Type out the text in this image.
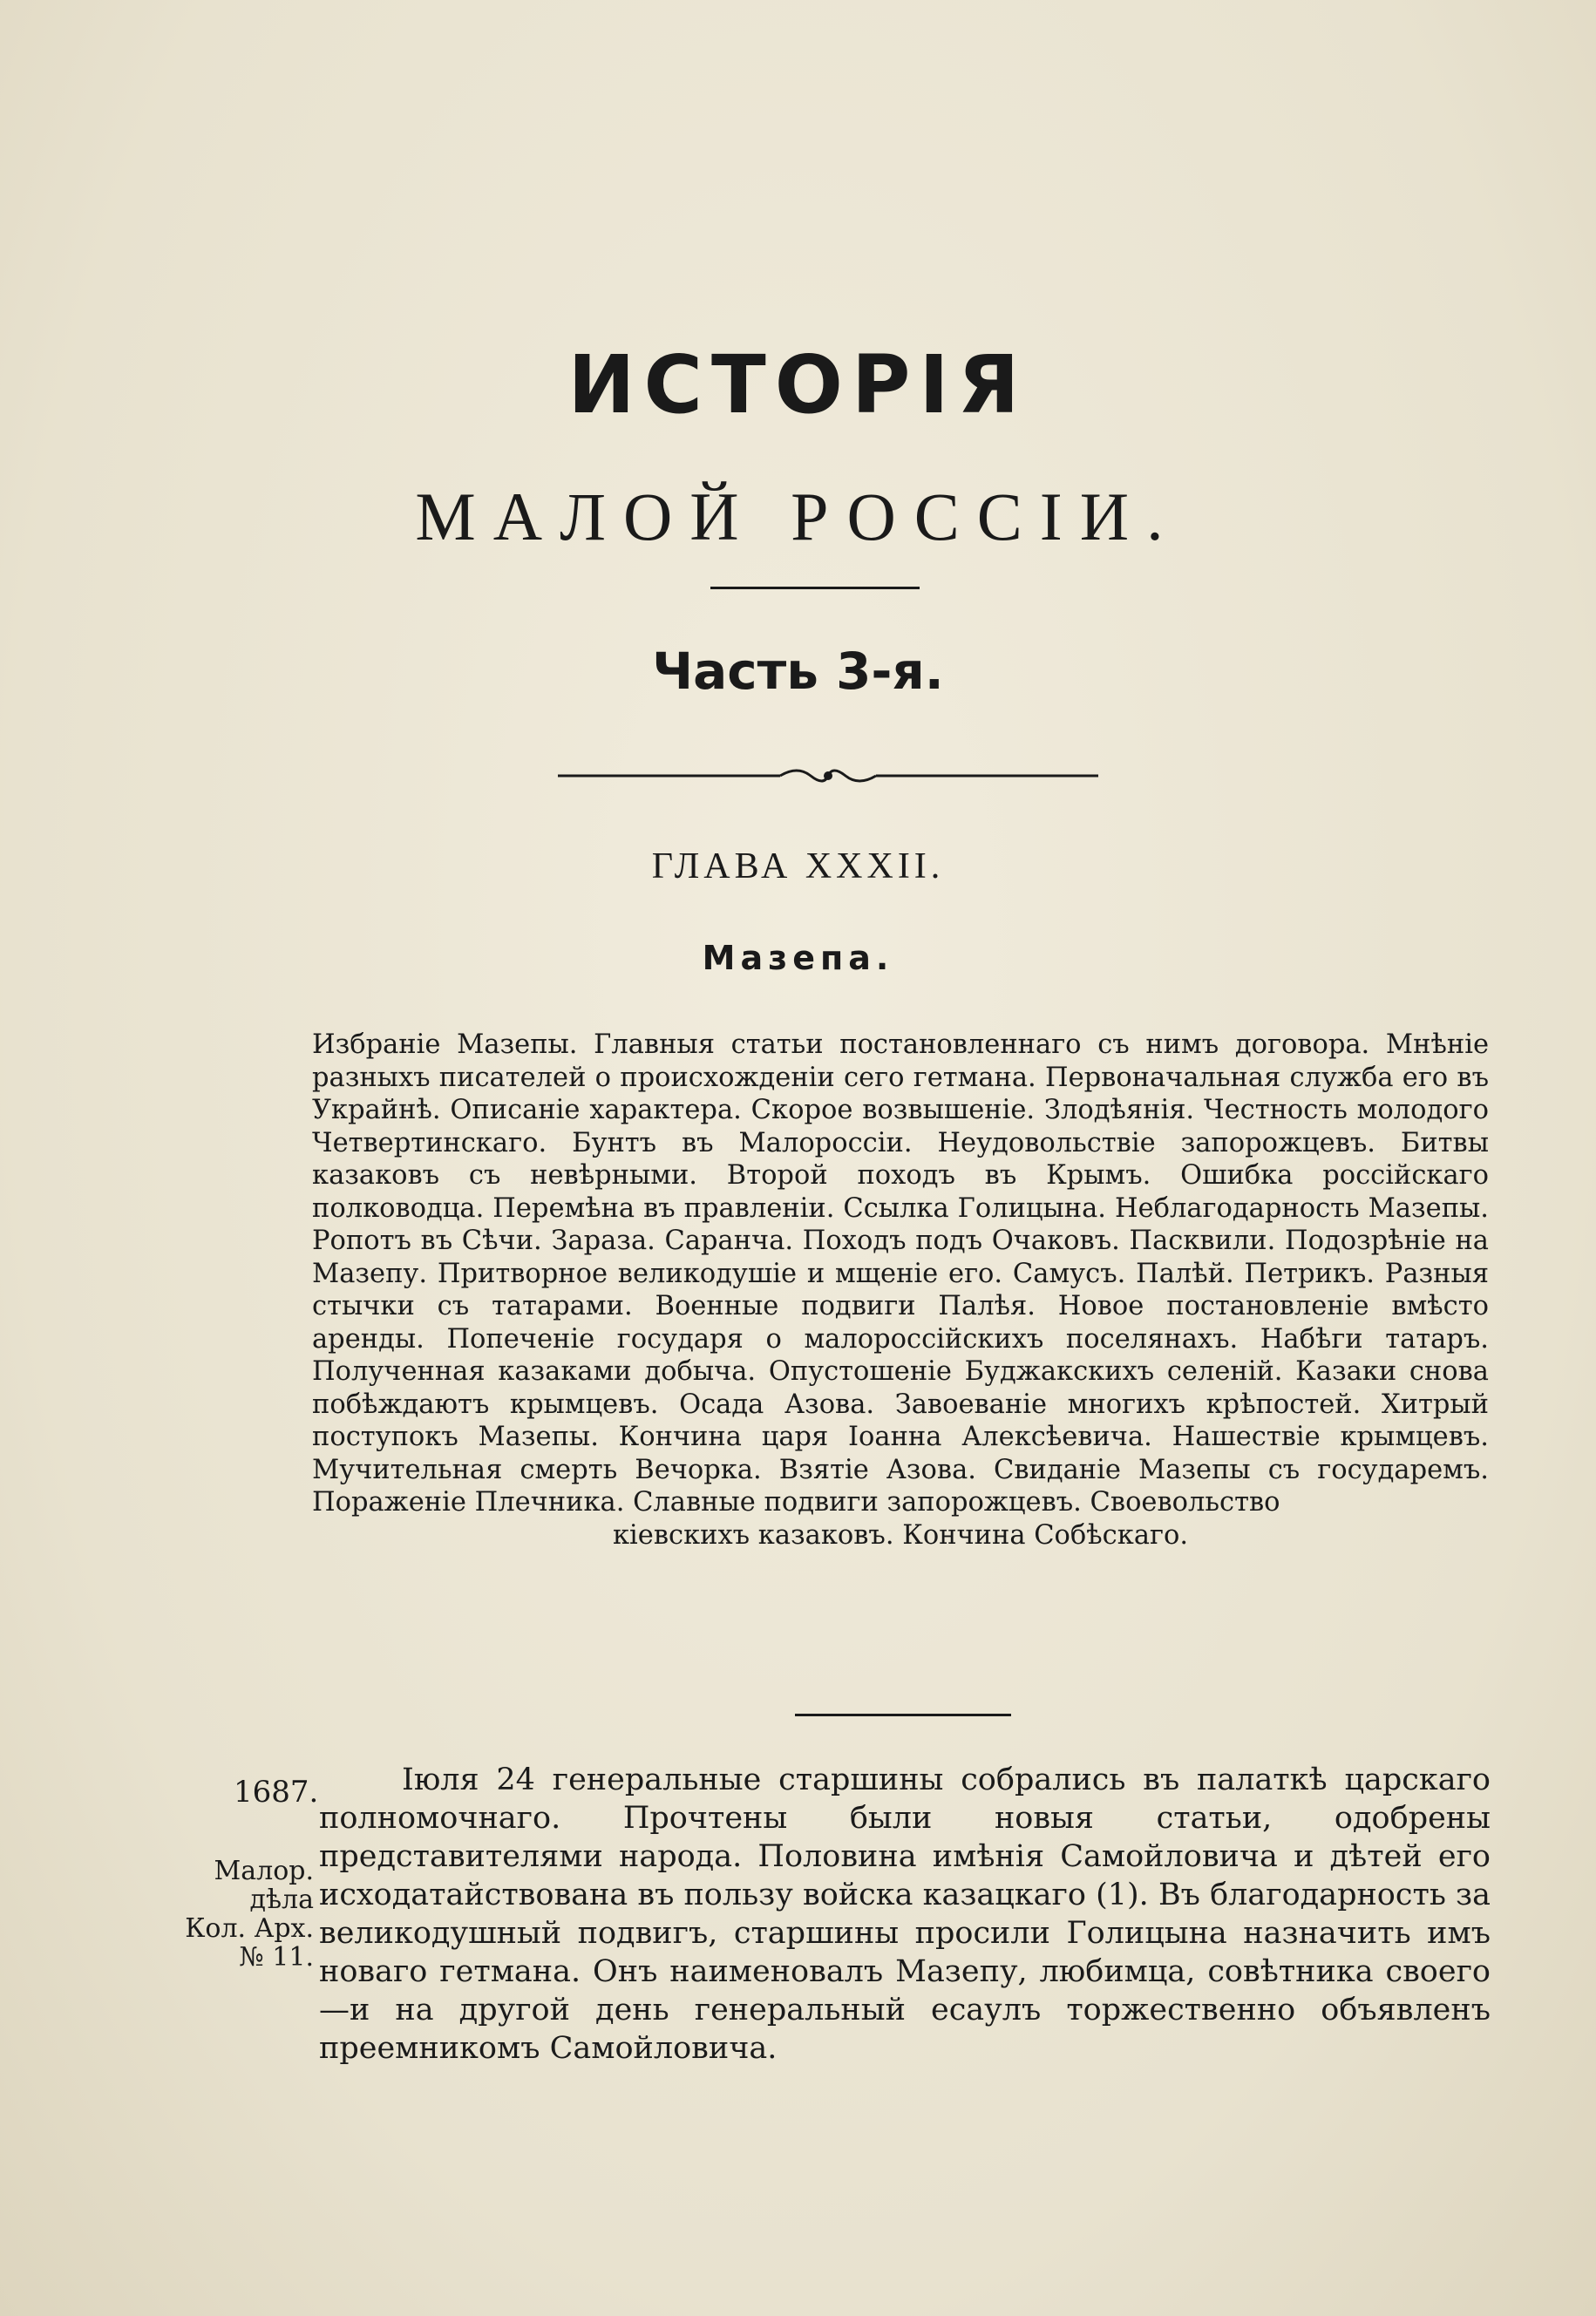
ИСТОРІЯ
МАЛОЙ РОССІИ.
Часть 3-я.
ГЛАВА XXXII.
Мазепа.
Избраніе Мазепы. Главныя статьи постановленнаго съ нимъ договора. Мнѣніе разныхъ писателей о происхожденіи сего гетмана. Первоначальная служба его въ Украйнѣ. Описаніе характера. Скорое возвышеніе. Злодѣянія. Честность молодого Четвертинскаго. Бунтъ въ Малороссіи. Неудовольствіе запорожцевъ. Битвы казаковъ съ невѣрными. Второй походъ въ Крымъ. Ошибка россійскаго полководца. Перемѣна въ правленіи. Ссылка Голицына. Неблагодарность Мазепы. Ропотъ въ Сѣчи. Зараза. Саранча. Походъ подъ Очаковъ. Пасквили. Подозрѣніе на Мазепу. Притворное великодушіе и мщеніе его. Самусъ. Палѣй. Петрикъ. Разныя стычки съ татарами. Военные подвиги Палѣя. Новое постановленіе вмѣсто аренды. Попеченіе государя о малороссійскихъ поселянахъ. Набѣги татаръ. Полученная казаками добыча. Опустошеніе Буджакскихъ селеній. Казаки снова побѣждаютъ крымцевъ. Осада Азова. Завоеваніе многихъ крѣпостей. Хитрый поступокъ Мазепы. Кончина царя Іоанна Алексѣевича. Нашествіе крымцевъ. Мучительная смерть Вечорка. Взятіе Азова. Свиданіе Мазепы съ государемъ. Пораженіе Плечника. Славные подвиги запорожцевъ. Своевольство
кіевскихъ казаковъ. Кончина Собѣскаго.
1687.
Малор.
дѣла
Кол. Арх.
№ 11.
Іюля 24 генеральные старшины собрались въ палаткѣ царскаго полномочнаго. Прочтены были новыя статьи, одобрены представителями народа. Половина имѣнія Самойловича и дѣтей его исходатайствована въ пользу войска казацкаго (1). Въ благодарность за великодушный подвигъ, старшины просили Голицына назначить имъ новаго гетмана. Онъ наименовалъ Мазепу, любимца, совѣтника своего—и на другой день генеральный есаулъ торжественно объявленъ преемникомъ Самойловича.
